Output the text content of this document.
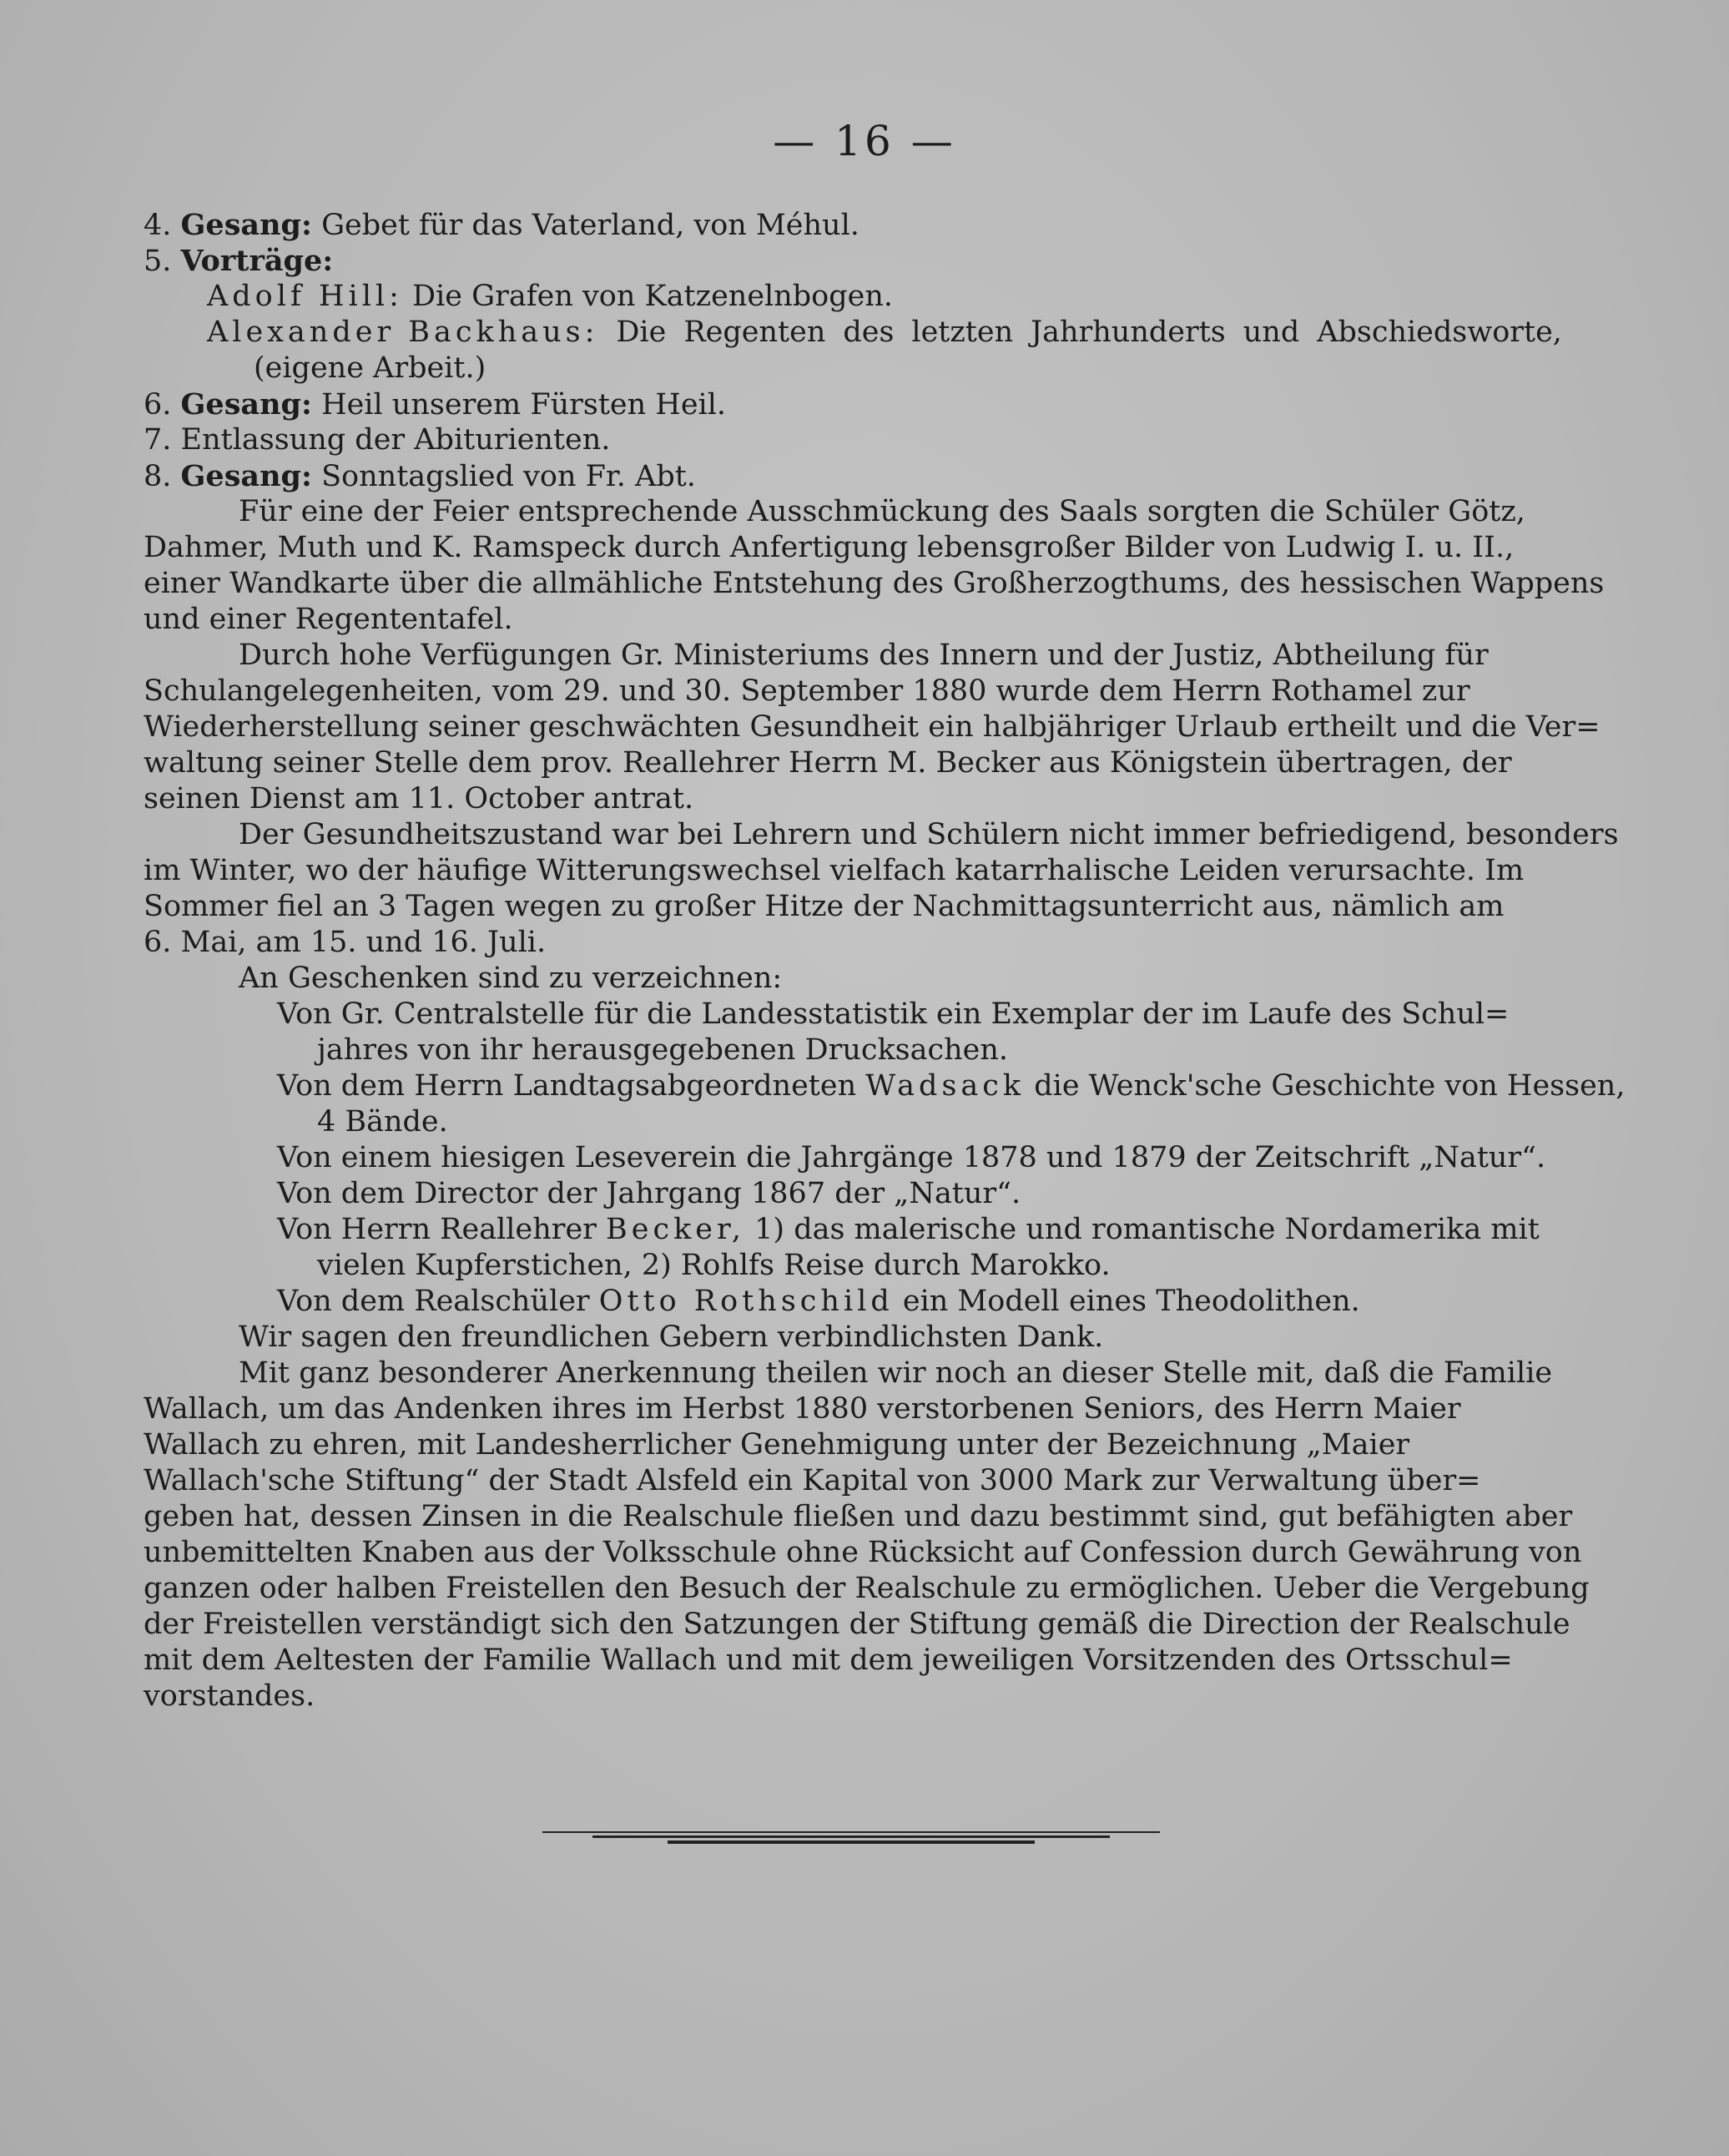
— 16 —
4. Gesang: Gebet für das Vaterland, von Méhul.
5. Vorträge:
Adolf Hill: Die Grafen von Katzenelnbogen.
Alexander Backhaus: Die Regenten des letzten Jahrhunderts und Abschiedsworte,
(eigene Arbeit.)
6. Gesang: Heil unserem Fürsten Heil.
7. Entlassung der Abiturienten.
8. Gesang: Sonntagslied von Fr. Abt.
Für eine der Feier entsprechende Ausschmückung des Saals sorgten die Schüler Götz,
Dahmer, Muth und K. Ramspeck durch Anfertigung lebensgroßer Bilder von Ludwig I. u. II.,
einer Wandkarte über die allmähliche Entstehung des Großherzogthums, des hessischen Wappens
und einer Regententafel.
Durch hohe Verfügungen Gr. Ministeriums des Innern und der Justiz, Abtheilung für
Schulangelegenheiten, vom 29. und 30. September 1880 wurde dem Herrn Rothamel zur
Wiederherstellung seiner geschwächten Gesundheit ein halbjähriger Urlaub ertheilt und die Ver=
waltung seiner Stelle dem prov. Reallehrer Herrn M. Becker aus Königstein übertragen, der
seinen Dienst am 11. October antrat.
Der Gesundheitszustand war bei Lehrern und Schülern nicht immer befriedigend, besonders
im Winter, wo der häufige Witterungswechsel vielfach katarrhalische Leiden verursachte. Im
Sommer fiel an 3 Tagen wegen zu großer Hitze der Nachmittagsunterricht aus, nämlich am
6. Mai, am 15. und 16. Juli.
An Geschenken sind zu verzeichnen:
Von Gr. Centralstelle für die Landesstatistik ein Exemplar der im Laufe des Schul=
jahres von ihr herausgegebenen Drucksachen.
Von dem Herrn Landtagsabgeordneten Wadsack die Wenck'sche Geschichte von Hessen,
4 Bände.
Von einem hiesigen Leseverein die Jahrgänge 1878 und 1879 der Zeitschrift „Natur“.
Von dem Director der Jahrgang 1867 der „Natur“.
Von Herrn Reallehrer Becker, 1) das malerische und romantische Nordamerika mit
vielen Kupferstichen, 2) Rohlfs Reise durch Marokko.
Von dem Realschüler Otto Rothschild ein Modell eines Theodolithen.
Wir sagen den freundlichen Gebern verbindlichsten Dank.
Mit ganz besonderer Anerkennung theilen wir noch an dieser Stelle mit, daß die Familie
Wallach, um das Andenken ihres im Herbst 1880 verstorbenen Seniors, des Herrn Maier
Wallach zu ehren, mit Landesherrlicher Genehmigung unter der Bezeichnung „Maier
Wallach'sche Stiftung“ der Stadt Alsfeld ein Kapital von 3000 Mark zur Verwaltung über=
geben hat, dessen Zinsen in die Realschule fließen und dazu bestimmt sind, gut befähigten aber
unbemittelten Knaben aus der Volksschule ohne Rücksicht auf Confession durch Gewährung von
ganzen oder halben Freistellen den Besuch der Realschule zu ermöglichen. Ueber die Vergebung
der Freistellen verständigt sich den Satzungen der Stiftung gemäß die Direction der Realschule
mit dem Aeltesten der Familie Wallach und mit dem jeweiligen Vorsitzenden des Ortsschul=
vorstandes.
